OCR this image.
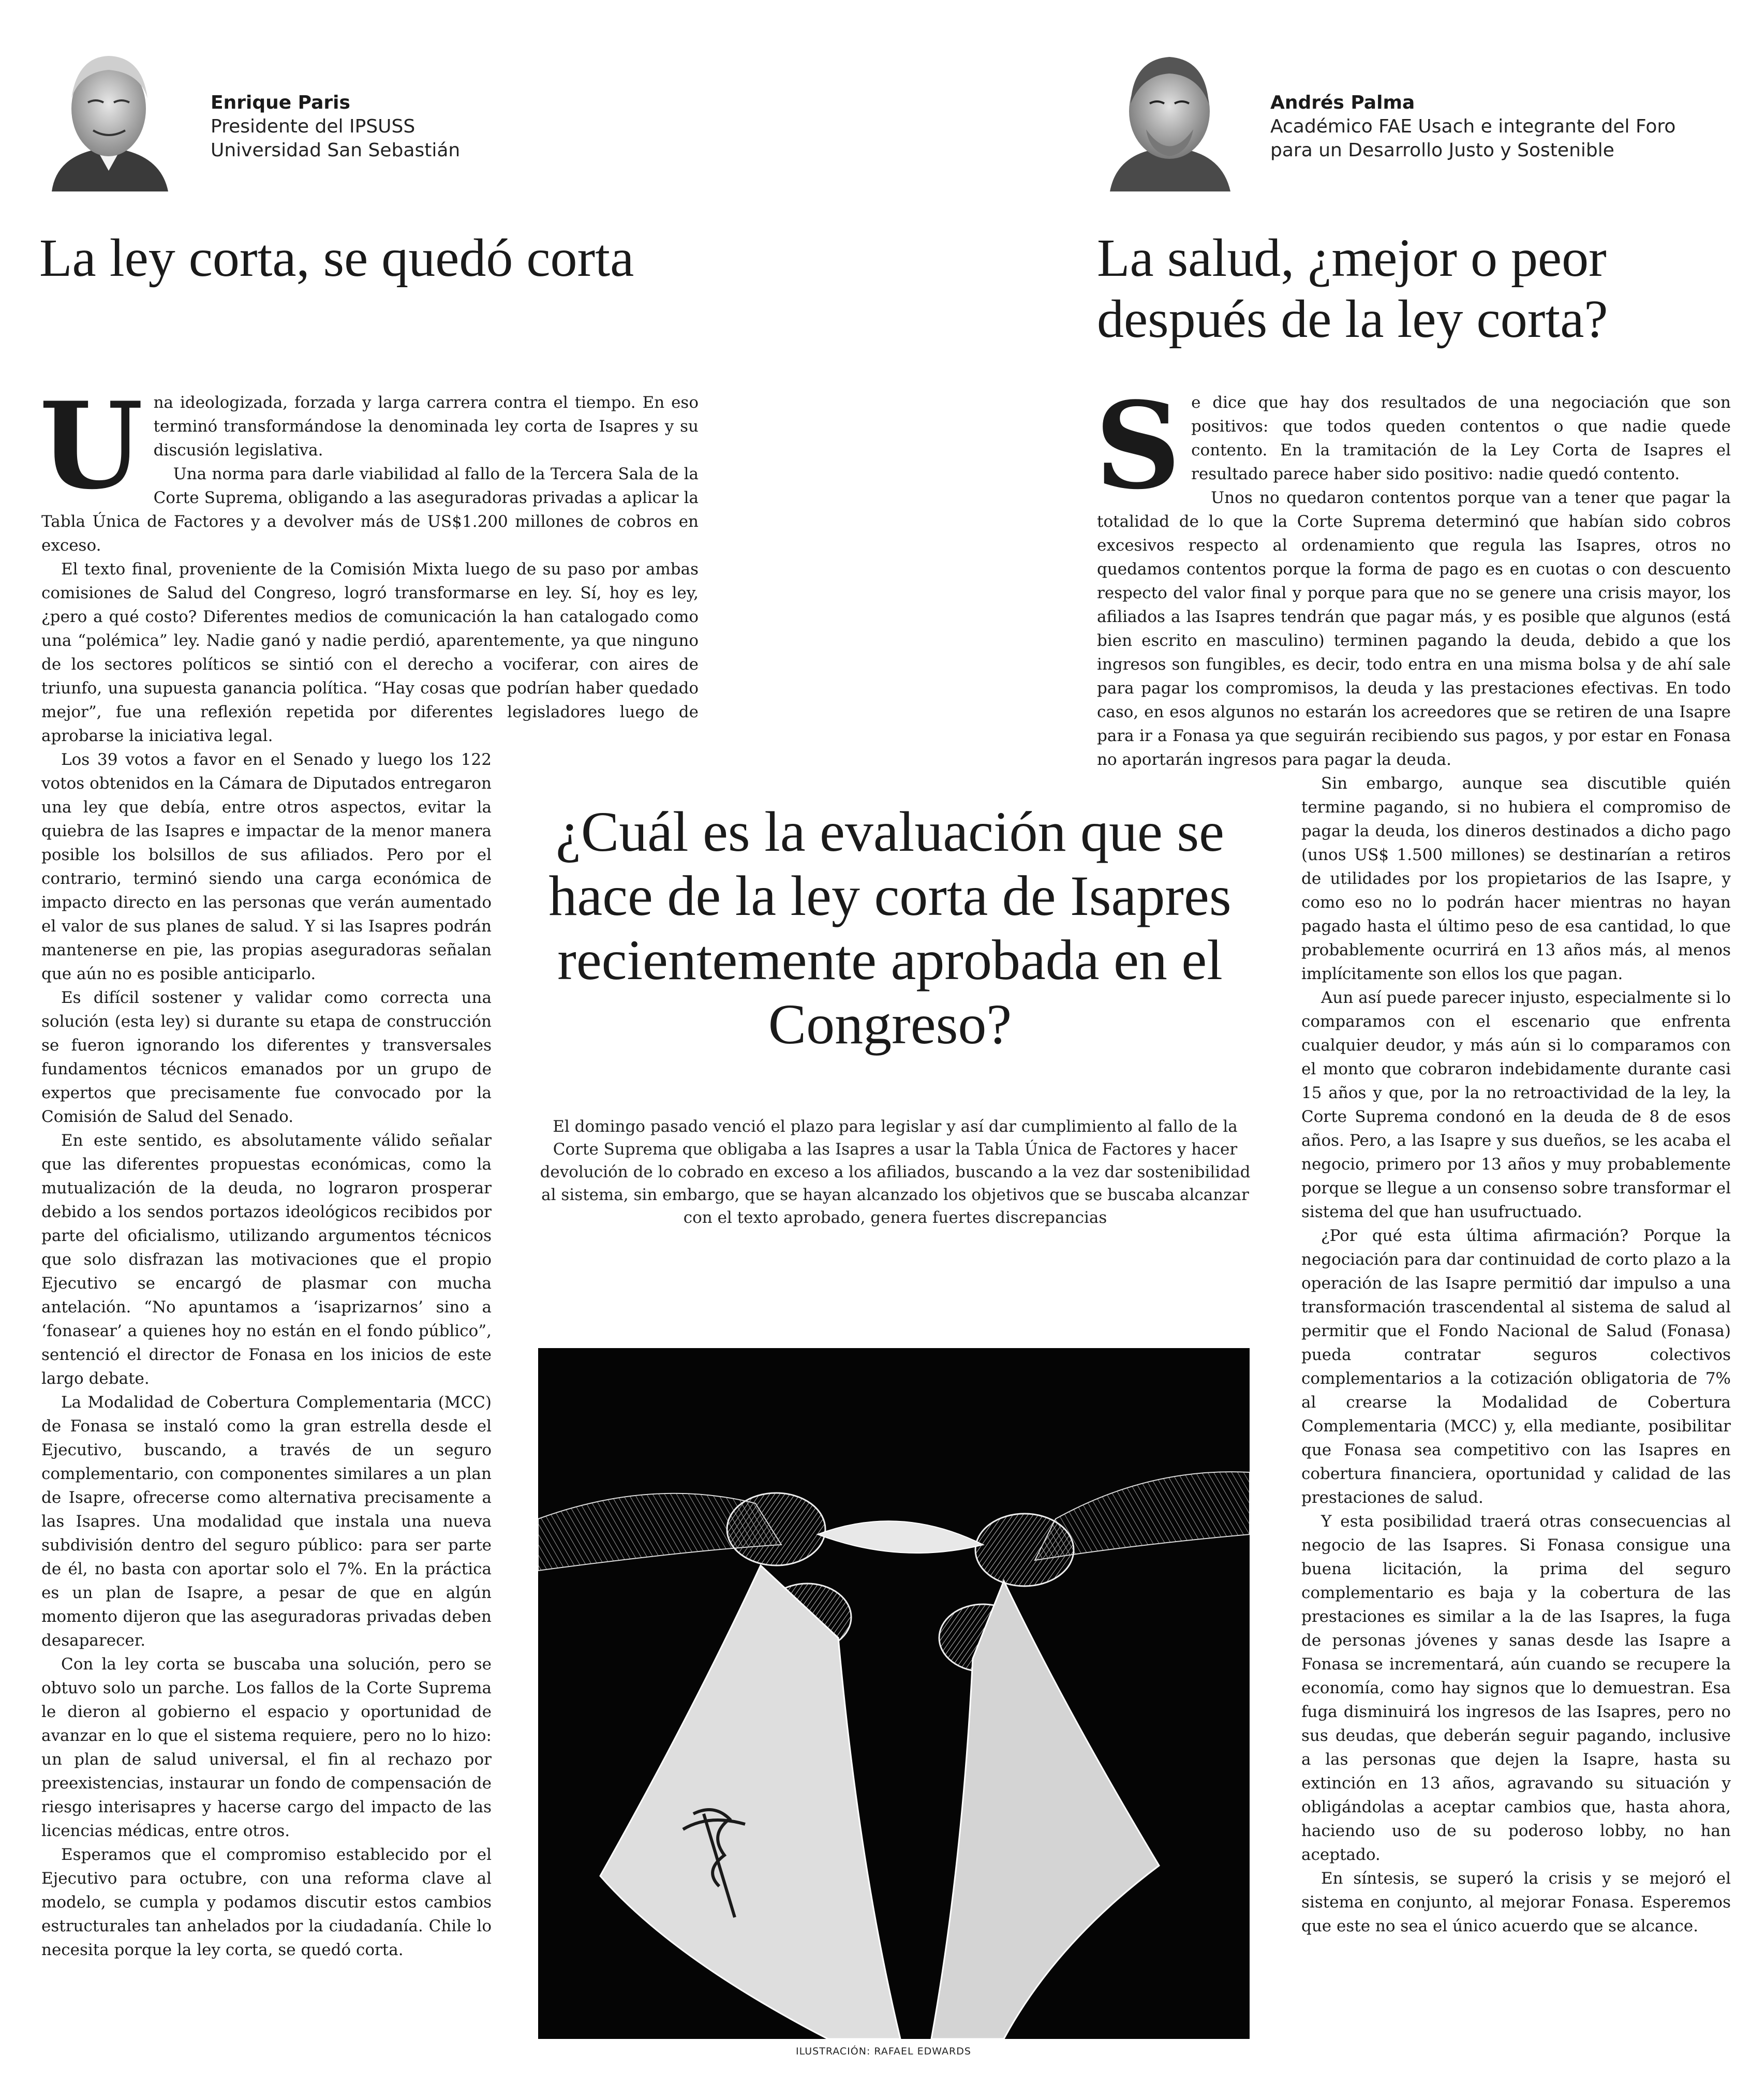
Enrique Paris
Presidente del IPSUSS
Universidad San Sebastián
La ley corta, se quedó corta
Andrés Palma
Académico FAE Usach e integrante del Foro
para un Desarrollo Justo y Sostenible
La salud, ¿mejor o peor después de la ley corta?
U na ideologizada, forzada y larga carrera contra el tiempo. En eso terminó transformándose la denominada ley corta de Isapres y su discusión legislativa.

Una norma para darle viabilidad al fallo de la Tercera Sala de la Corte Suprema, obligando a las aseguradoras privadas a aplicar la Tabla Única de Factores y a devolver más de US$1.200 millones de cobros en exceso.

El texto final, proveniente de la Comisión Mixta luego de su paso por ambas comisiones de Salud del Congreso, logró transformarse en ley. Sí, hoy es ley, ¿pero a qué costo? Diferentes medios de comunicación la han catalogado como una “polémica” ley. Nadie ganó y nadie perdió, aparentemente, ya que ninguno de los sectores políticos se sintió con el derecho a vociferar, con aires de triunfo, una supuesta ganancia política. “Hay cosas que podrían haber quedado mejor”, fue una reflexión repetida por diferentes legisladores luego de aprobarse la iniciativa legal.

Los 39 votos a favor en el Senado y luego los 122 votos obtenidos en la Cámara de Diputados entregaron una ley que debía, entre otros aspectos, evitar la quiebra de las Isapres e impactar de la menor manera posible los bolsillos de sus afiliados. Pero por el contrario, terminó siendo una carga económica de impacto directo en las personas que verán aumentado el valor de sus planes de salud. Y si las Isapres podrán mantenerse en pie, las propias aseguradoras señalan que aún no es posible anticiparlo.

Es difícil sostener y validar como correcta una solución (esta ley) si durante su etapa de construcción se fueron ignorando los diferentes y transversales fundamentos técnicos emanados por un grupo de expertos que precisamente fue convocado por la Comisión de Salud del Senado.

En este sentido, es absolutamente válido señalar que las diferentes propuestas económicas, como la mutualización de la deuda, no lograron prosperar debido a los sendos portazos ideológicos recibidos por parte del oficialismo, utilizando argumentos técnicos que solo disfrazan las motivaciones que el propio Ejecutivo se encargó de plasmar con mucha antelación. “No apuntamos a ‘isaprizarnos’ sino a ‘fonasear’ a quienes hoy no están en el fondo público”, sentenció el director de Fonasa en los inicios de este largo debate.

La Modalidad de Cobertura Complementaria (MCC) de Fonasa se instaló como la gran estrella desde el Ejecutivo, buscando, a través de un seguro complementario, con componentes similares a un plan de Isapre, ofrecerse como alternativa precisamente a las Isapres. Una modalidad que instala una nueva subdivisión dentro del seguro público: para ser parte de él, no basta con aportar solo el 7%. En la práctica es un plan de Isapre, a pesar de que en algún momento dijeron que las aseguradoras privadas deben desaparecer.

Con la ley corta se buscaba una solución, pero se obtuvo solo un parche. Los fallos de la Corte Suprema le dieron al gobierno el espacio y oportunidad de avanzar en lo que el sistema requiere, pero no lo hizo: un plan de salud universal, el fin al rechazo por preexistencias, instaurar un fondo de compensación de riesgo interisapres y hacerse cargo del impacto de las licencias médicas, entre otros.

Esperamos que el compromiso establecido por el Ejecutivo para octubre, con una reforma clave al modelo, se cumpla y podamos discutir estos cambios estructurales tan anhelados por la ciudadanía. Chile lo necesita porque la ley corta, se quedó corta.

S e dice que hay dos resultados de una negociación que son positivos: que todos queden contentos o que nadie quede contento. En la tramitación de la Ley Corta de Isapres el resultado parece haber sido positivo: nadie quedó contento.

Unos no quedaron contentos porque van a tener que pagar la totalidad de lo que la Corte Suprema determinó que habían sido cobros excesivos respecto al ordenamiento que regula las Isapres, otros no quedamos contentos porque la forma de pago es en cuotas o con descuento respecto del valor final y porque para que no se genere una crisis mayor, los afiliados a las Isapres tendrán que pagar más, y es posible que algunos (está bien escrito en masculino) terminen pagando la deuda, debido a que los ingresos son fungibles, es decir, todo entra en una misma bolsa y de ahí sale para pagar los compromisos, la deuda y las prestaciones efectivas. En todo caso, en esos algunos no estarán los acreedores que se retiren de una Isapre para ir a Fonasa ya que seguirán recibiendo sus pagos, y por estar en Fonasa no aportarán ingresos para pagar la deuda.

Sin embargo, aunque sea discutible quién termine pagando, si no hubiera el compromiso de pagar la deuda, los dineros destinados a dicho pago (unos US$ 1.500 millones) se destinarían a retiros de utilidades por los propietarios de las Isapre, y como eso no lo podrán hacer mientras no hayan pagado hasta el último peso de esa cantidad, lo que probablemente ocurrirá en 13 años más, al menos implícitamente son ellos los que pagan.

Aun así puede parecer injusto, especialmente si lo comparamos con el escenario que enfrenta cualquier deudor, y más aún si lo comparamos con el monto que cobraron indebidamente durante casi 15 años y que, por la no retroactividad de la ley, la Corte Suprema condonó en la deuda de 8 de esos años. Pero, a las Isapre y sus dueños, se les acaba el negocio, primero por 13 años y muy probablemente porque se llegue a un consenso sobre transformar el sistema del que han usufructuado.

¿Por qué esta última afirmación? Porque la negociación para dar continuidad de corto plazo a la operación de las Isapre permitió dar impulso a una transformación trascendental al sistema de salud al permitir que el Fondo Nacional de Salud (Fonasa) pueda contratar seguros colectivos complementarios a la cotización obligatoria de 7% al crearse la Modalidad de Cobertura Complementaria (MCC) y, ella mediante, posibilitar que Fonasa sea competitivo con las Isapres en cobertura financiera, oportunidad y calidad de las prestaciones de salud.

Y esta posibilidad traerá otras consecuencias al negocio de las Isapres. Si Fonasa consigue una buena licitación, la prima del seguro complementario es baja y la cobertura de las prestaciones es similar a la de las Isapres, la fuga de personas jóvenes y sanas desde las Isapre a Fonasa se incrementará, aún cuando se recupere la economía, como hay signos que lo demuestran. Esa fuga disminuirá los ingresos de las Isapres, pero no sus deudas, que deberán seguir pagando, inclusive a las personas que dejen la Isapre, hasta su extinción en 13 años, agravando su situación y obligándolas a aceptar cambios que, hasta ahora, haciendo uso de su poderoso lobby, no han aceptado.

En síntesis, se superó la crisis y se mejoró el sistema en conjunto, al mejorar Fonasa. Esperemos que este no sea el único acuerdo que se alcance.

¿Cuál es la evaluación que se hace de la ley corta de Isapres recientemente aprobada en el Congreso?
El domingo pasado venció el plazo para legislar y así dar cumplimiento al fallo de la Corte Suprema que obligaba a las Isapres a usar la Tabla Única de Factores y hacer devolución de lo cobrado en exceso a los afiliados, buscando a la vez dar sostenibilidad al sistema, sin embargo, que se hayan alcanzado los objetivos que se buscaba alcanzar con el texto aprobado, genera fuertes discrepancias
ILUSTRACIÓN: RAFAEL EDWARDS
